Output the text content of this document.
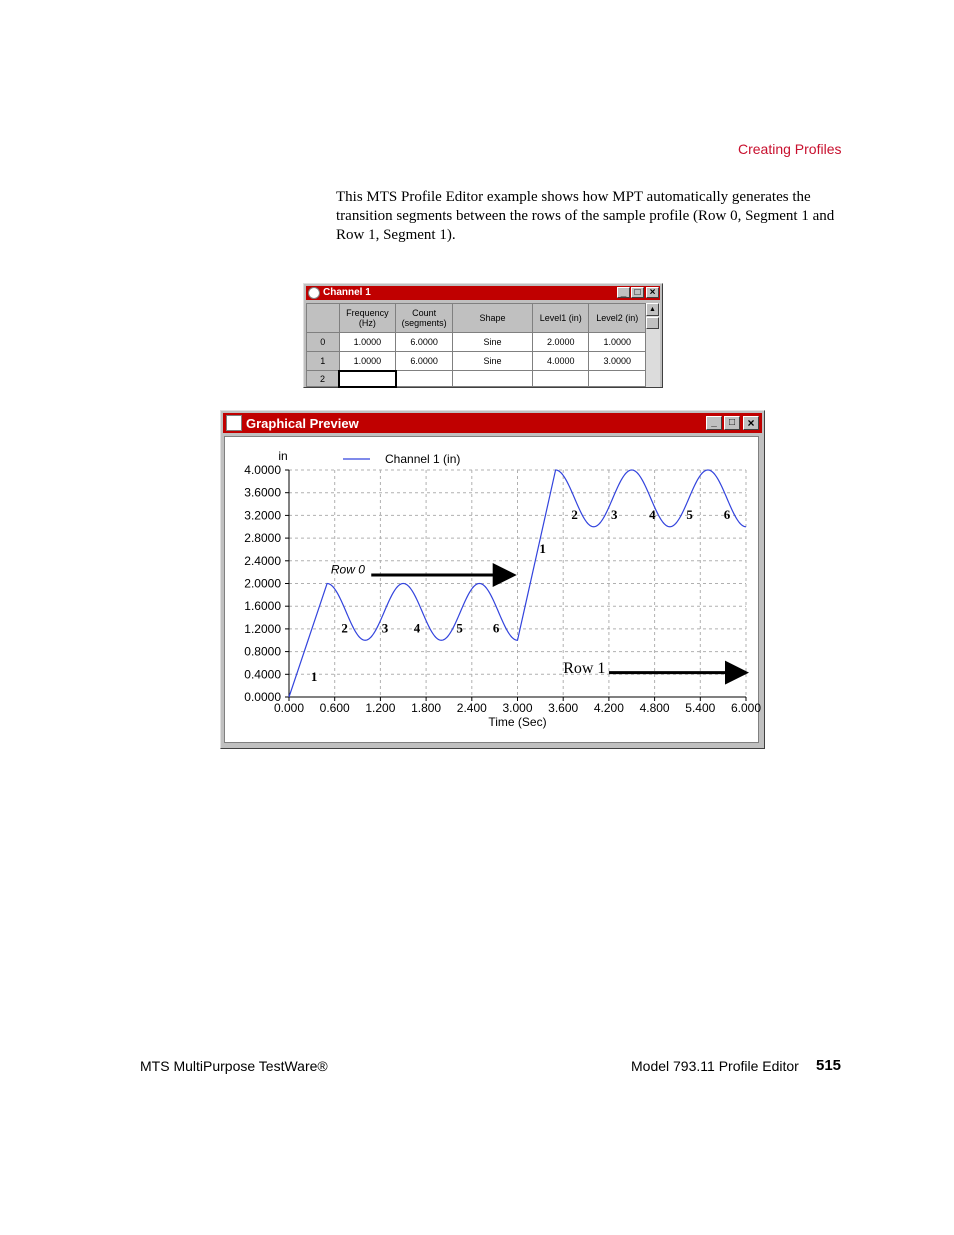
Creating Profiles
This MTS Profile Editor example shows how MPT automatically generates the transition segments between the rows of the sample profile (Row 0, Segment 1 and Row 1, Segment 1).
Channel 1	_ □ ×
	Frequency (Hz)	Count (segments)	Shape	Level1 (in)	Level2 (in)
0	1.0000	6.0000	Sine	2.0000	1.0000
1	1.0000	6.0000	Sine	4.0000	3.0000
2					
▲
Graphical Preview	_	□	×
0.000 0.600 1.200 1.800 2.400 3.000 3.600 4.200 4.800 5.400 6.000
0.0000
0.4000
0.8000
1.2000
1.6000
2.0000
2.4000
2.8000
3.2000
3.6000
4.0000
in
Time (Sec)
Channel 1 (in)
1
2	3 4	5 6
1
2	3 4 5 6
Row 0
Row 1
MTS MultiPurpose TestWare®	Model 793.11 Profile Editor 515
